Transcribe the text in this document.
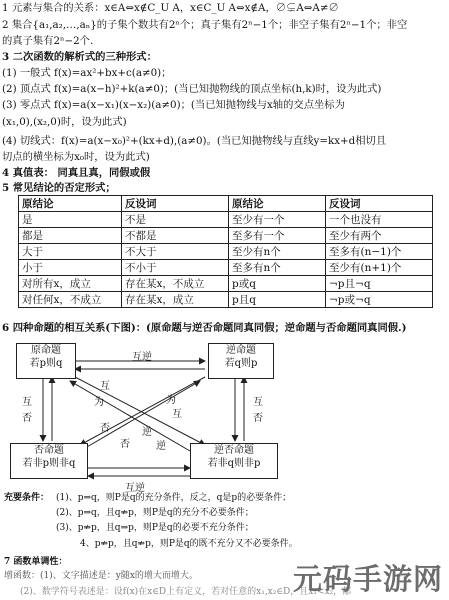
1 元素与集合的关系：x∈A⇔x∉C_U A，x∈C_U A⇔x∉A，∅⊊A⇔A≠∅
2 集合{a₁,a₂,…,aₙ}的子集个数共有2ⁿ个；真子集有2ⁿ−1个；非空子集有2ⁿ−1个；非空
的真子集有2ⁿ−2个.
3 二次函数的解析式的三种形式：
(1) 一般式 f(x)=ax²+bx+c(a≠0)；
(2) 顶点式 f(x)=a(x−h)²+k(a≠0)；(当已知抛物线的顶点坐标(h,k)时，设为此式)
(3) 零点式 f(x)=a(x−x₁)(x−x₂)(a≠0)；(当已知抛物线与x轴的交点坐标为
(x₁,0),(x₂,0)时，设为此式)
(4) 切线式：f(x)=a(x−x₀)²+(kx+d),(a≠0)。(当已知抛物线与直线y=kx+d相切且
切点的横坐标为x₀时，设为此式)
4 真值表： 同真且真，同假或假
5 常见结论的否定形式；
6 四种命题的相互关系(下图)：(原命题与逆否命题同真同假；逆命题与否命题同真同假.)
原结论	反设词	原结论	反设词
是	不是	至少有一个	一个也没有
都是	不都是	至多有一个	至少有两个
大于	不大于	至少有n个	至多有(n−1)个
小于	不小于	至多有n个	至少有(n+1)个
对所有x，成立	存在某x，不成立	p或q	¬p且¬q
对任何x，不成立	存在某x，成立	p且q	¬p或¬q
原命题
若p则q
逆命题
若q则p
否命题
若非p则非q
逆否命题
若非q则非p
互逆
互逆
互
否
互
否
互
为
为
互
逆
否
否
逆
充要条件： (1)、p⇒q，则P是q的充分条件，反之，q是p的必要条件；
(2)、p⇒q，且q⇏p，则P是q的充分不必要条件；
(3)、p⇏p，且q⇒p，则P是q的必要不充分条件；
4、p⇏p，且q⇏p，则P是q的既不充分又不必要条件。
7 函数单调性：
增函数：(1)、文字描述是：y随x的增大而增大。
(2)、数学符号表述是：设f(x)在x∈D上有定义，若对任意的x₁,x₂∈D，且x₁<x₂，都
元码手游网
